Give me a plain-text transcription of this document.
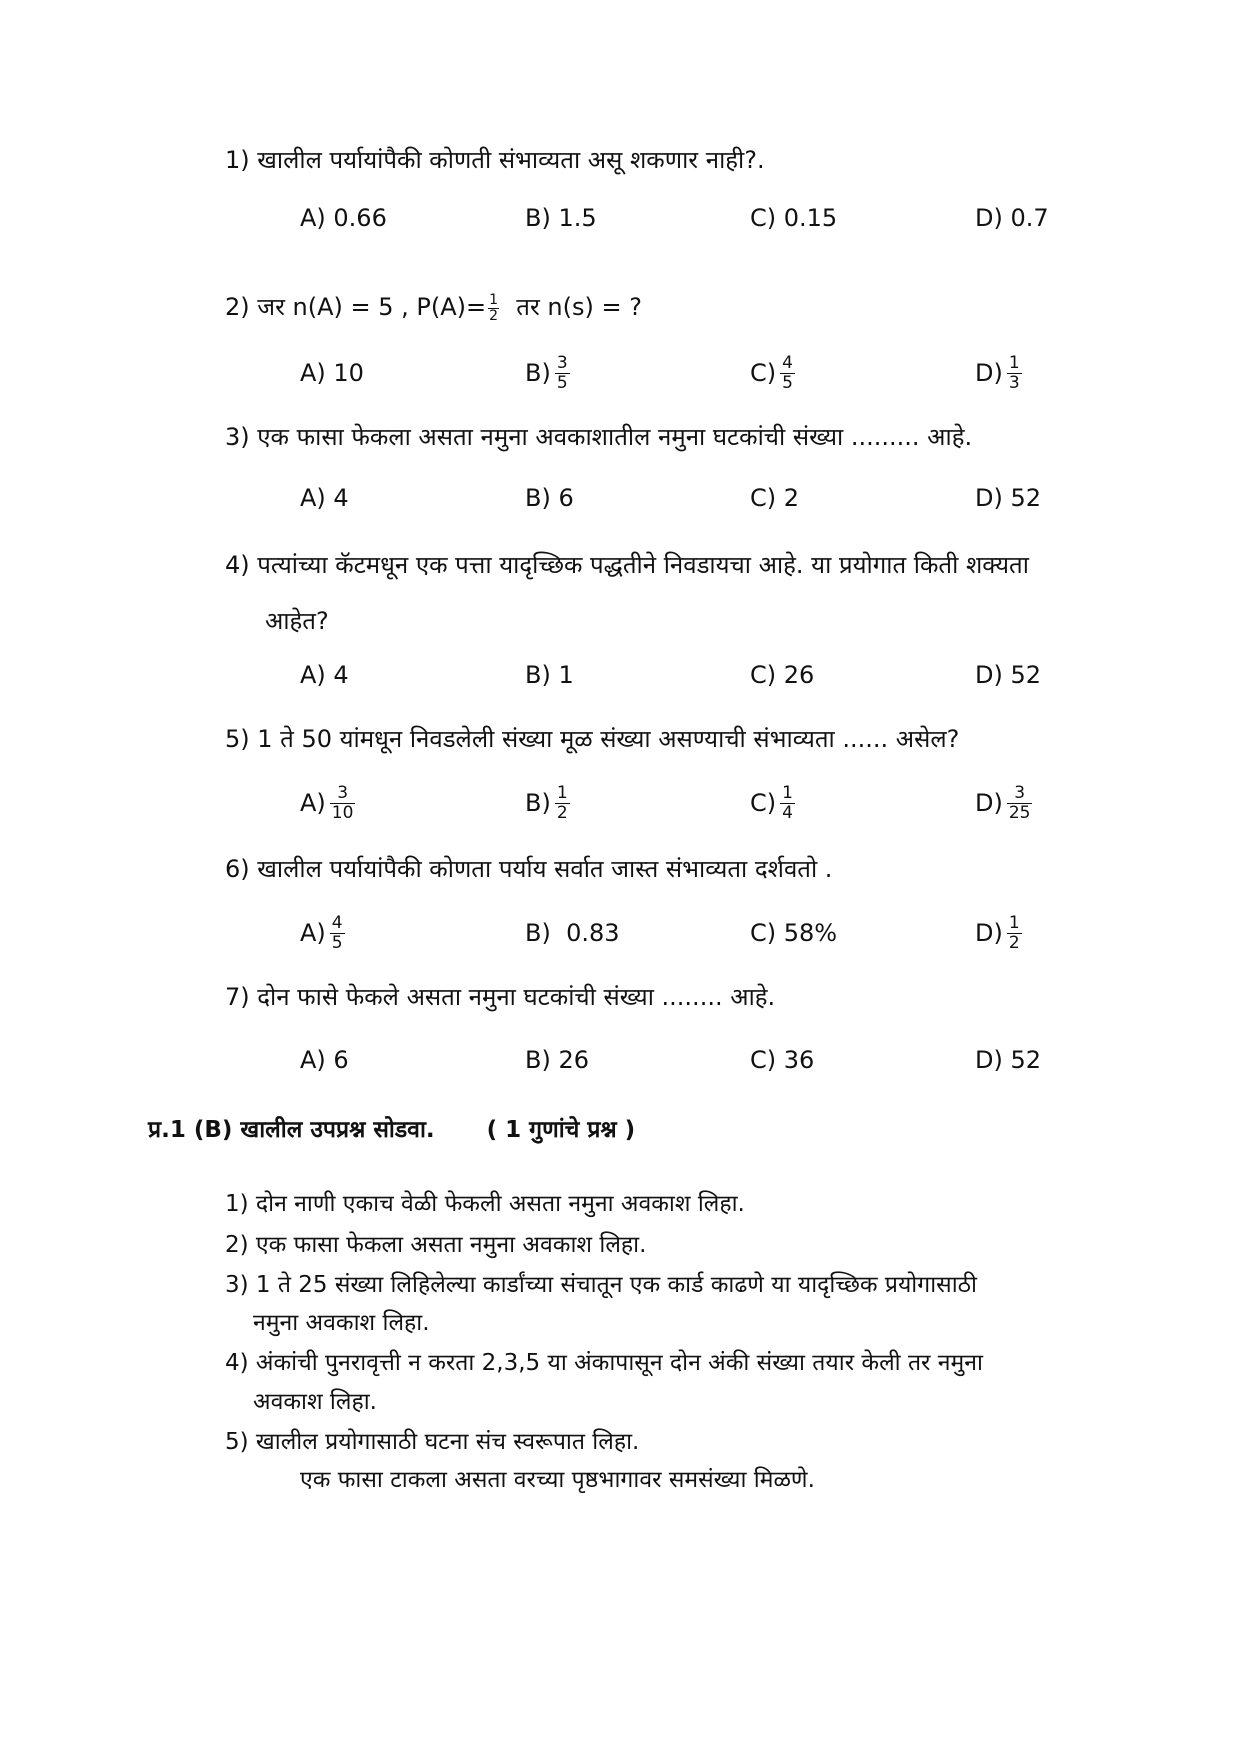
1) खालील पर्यायांपैकी कोणती संभाव्यता असू शकणार नाही?.
A) 0.66	B) 1.5	C) 0.15	D) 0.7
2) जर n(A) = 5 , $P(A)= \frac{1}{2}$ तर n(s) = ?
A) 10	$B) \frac{3}{5}$	$C) \frac{4}{5}$	$D) \frac{1}{3}$
3) एक फासा फेकला असता नमुना अवकाशातील नमुना घटकांची संख्या ......... आहे.
A) 4	B) 6	C) 2	D) 52
4) पत्यांच्या कॅटमधून एक पत्ता यादृच्छिक पद्धतीने निवडायचा आहे. या प्रयोगात किती शक्यता
आहेत?
A) 4	B) 1	C) 26	D) 52
5) 1 ते 50 यांमधून निवडलेली संख्या मूळ संख्या असण्याची संभाव्यता ...... असेल?
$A) \frac{3}{10}$	$B) \frac{1}{2}$	$C) \frac{1}{4}$	$D) \frac{3}{25}$
6) खालील पर्यायांपैकी कोणता पर्याय सर्वात जास्त संभाव्यता दर्शवतो .
$A) \frac{4}{5}$	B)  0.83	C) 58%	$D) \frac{1}{2}$
7) दोन फासे फेकले असता नमुना घटकांची संख्या ........ आहे.
A) 6	B) 26	C) 36	D) 52
प्र.1 (B) खालील उपप्रश्न सोडवा. ( 1 गुणांचे प्रश्न )
1) दोन नाणी एकाच वेळी फेकली असता नमुना अवकाश लिहा.
2) एक फासा फेकला असता नमुना अवकाश लिहा.
3) 1 ते 25 संख्या लिहिलेल्या कार्डांच्या संचातून एक कार्ड काढणे या यादृच्छिक प्रयोगासाठी
नमुना अवकाश लिहा.
4) अंकांची पुनरावृत्ती न करता 2,3,5 या अंकापासून दोन अंकी संख्या तयार केली तर नमुना
अवकाश लिहा.
5) खालील प्रयोगासाठी घटना संच स्वरूपात लिहा.
एक फासा टाकला असता वरच्या पृष्ठभागावर समसंख्या मिळणे.
